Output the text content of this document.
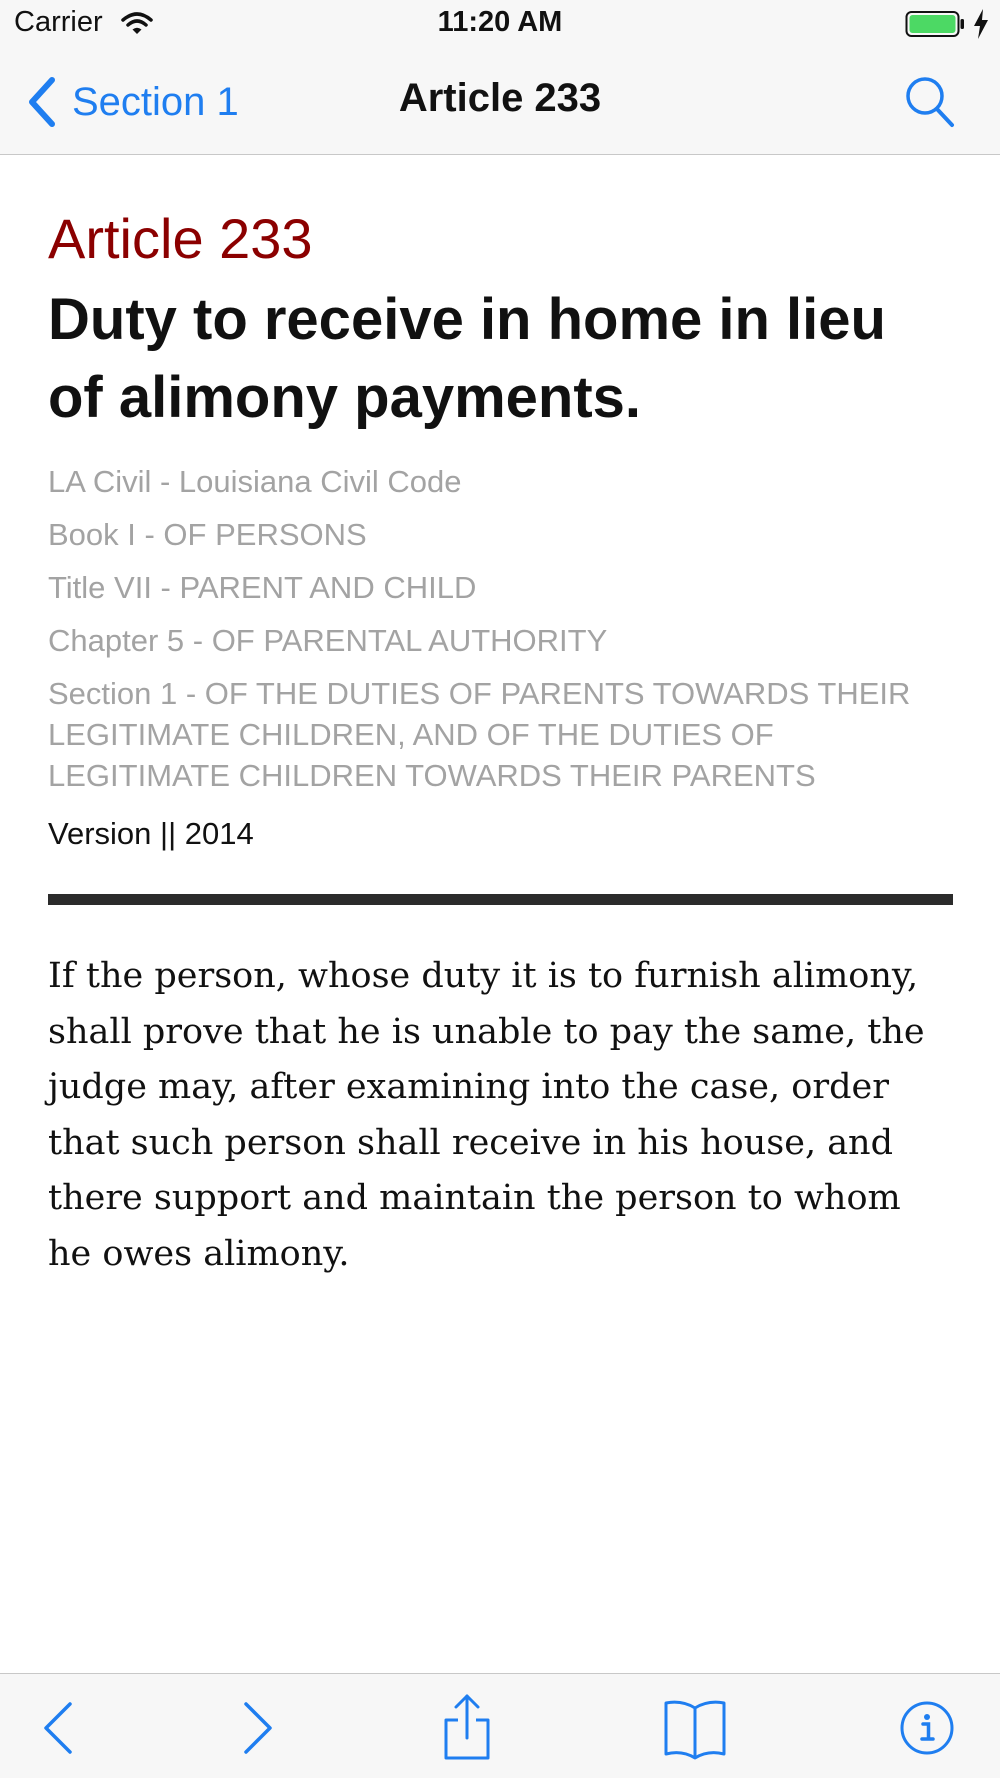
Carrier	11:20 AM
Section 1	Article 233
Article 233
Duty to receive in home in lieu of alimony payments.
LA Civil - Louisiana Civil Code
Book I - OF PERSONS
Title VII - PARENT AND CHILD
Chapter 5 - OF PARENTAL AUTHORITY
Section 1 - OF THE DUTIES OF PARENTS TOWARDS THEIR LEGITIMATE CHILDREN, AND OF THE DUTIES OF LEGITIMATE CHILDREN TOWARDS THEIR PARENTS
Version || 2014
If the person, whose duty it is to furnish alimony, shall prove that he is unable to pay the same, the judge may, after examining into the case, order that such person shall receive in his house, and there support and maintain the person to whom he owes alimony.
